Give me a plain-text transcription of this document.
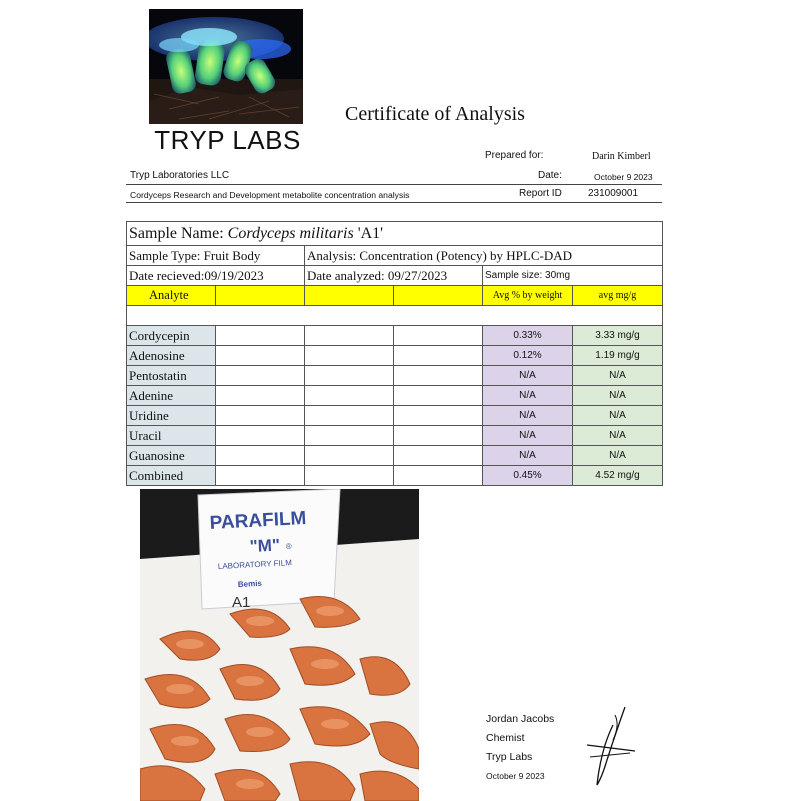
TRYP LABS
Certificate of Analysis
Prepared for:	Darin Kimberl
Tryp Laboratories LLC	Date:	October 9 2023
Cordyceps Research and Development metabolite concentration analysis	Report ID	231009001
Sample Name: Cordyceps militaris 'A1'					
Sample Type: Fruit Body		Analysis: Concentration (Potency) by HPLC-DAD			
Date recieved:09/19/2023		Date analyzed: 09/27/2023		Sample size: 30mg	
Analyte				Avg % by weight	avg mg/g

Cordycepin				0.33%	3.33 mg/g
Adenosine				0.12%	1.19 mg/g
Pentostatin				N/A	N/A
Adenine				N/A	N/A
Uridine				N/A	N/A
Uracil				N/A	N/A
Guanosine				N/A	N/A
Combined				0.45%	4.52 mg/g
PARAFILM
"M" ®
LABORATORY FILM
Bemis
A1
Jordan Jacobs
Chemist
Tryp Labs
October 9 2023
